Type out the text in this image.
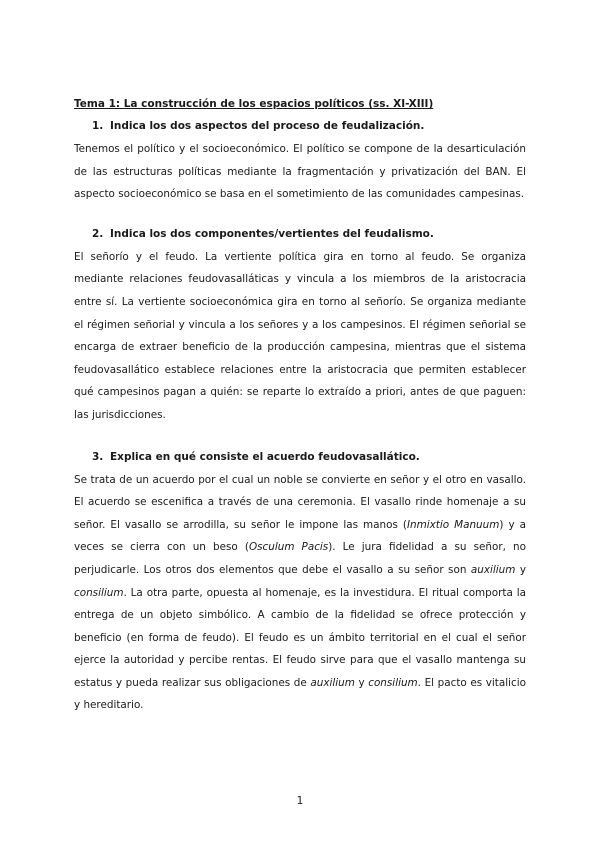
Tema 1: La construcción de los espacios políticos (ss. XI-XIII)
1. Indica los dos aspectos del proceso de feudalización.

Tenemos el político y el socioeconómico. El político se compone de la desarticulación de las estructuras políticas mediante la fragmentación y privatización del BAN. El aspecto socioeconómico se basa en el sometimiento de las comunidades campesinas.

2. Indica los dos componentes/vertientes del feudalismo.

El señorío y el feudo. La vertiente política gira en torno al feudo. Se organiza mediante relaciones feudovasalláticas y vincula a los miembros de la aristocracia entre sí. La vertiente socioeconómica gira en torno al señorío. Se organiza mediante el régimen señorial y vincula a los señores y a los campesinos. El régimen señorial se encarga de extraer beneficio de la producción campesina, mientras que el sistema feudovasallático establece relaciones entre la aristocracia que permiten establecer qué campesinos pagan a quién: se reparte lo extraído a priori, antes de que paguen: las jurisdicciones.

3. Explica en qué consiste el acuerdo feudovasallático.

Se trata de un acuerdo por el cual un noble se convierte en señor y el otro en vasallo. El acuerdo se escenifica a través de una ceremonia. El vasallo rinde homenaje a su señor. El vasallo se arrodilla, su señor le impone las manos (Inmixtio Manuum) y a veces se cierra con un beso (Osculum Pacis). Le jura fidelidad a su señor, no perjudicarle. Los otros dos elementos que debe el vasallo a su señor son auxilium y consilium. La otra parte, opuesta al homenaje, es la investidura. El ritual comporta la entrega de un objeto simbólico. A cambio de la fidelidad se ofrece protección y beneficio (en forma de feudo). El feudo es un ámbito territorial en el cual el señor ejerce la autoridad y percibe rentas. El feudo sirve para que el vasallo mantenga su estatus y pueda realizar sus obligaciones de auxilium y consilium. El pacto es vitalicio y hereditario.

1
